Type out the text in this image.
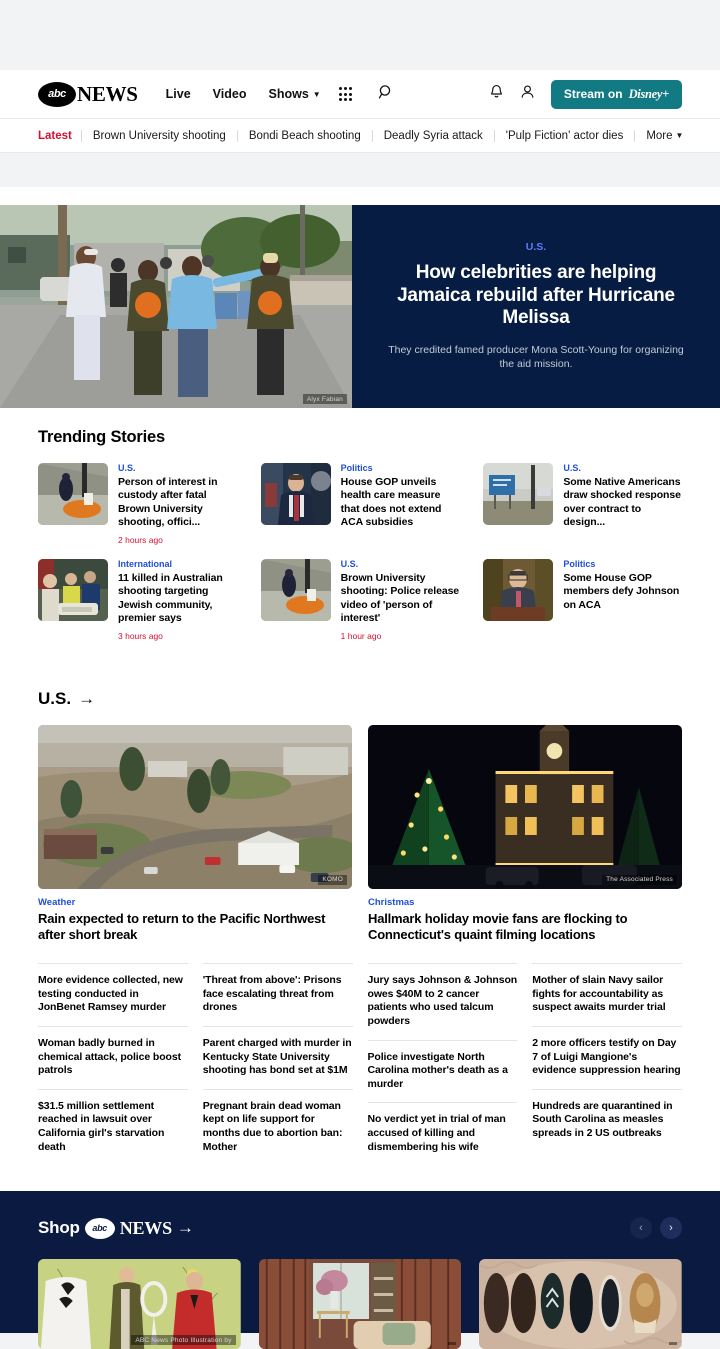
abc NEWS Live Video Shows ▼	Stream on Disney+
Latest	Brown University shooting	Bondi Beach shooting	Deadly Syria attack	'Pulp Fiction' actor dies	More ▼
Alyx Fabian
U.S.
How celebrities are helping Jamaica rebuild after Hurricane Melissa
They credited famed producer Mona Scott-Young for organizing the aid mission.
Trending Stories
U.S.
Person of interest in custody after fatal Brown University shooting, offici...
2 hours ago
Politics
House GOP unveils health care measure that does not extend ACA subsidies
U.S.
Some Native Americans draw shocked response over contract to design...
International
11 killed in Australian shooting targeting Jewish community, premier says
3 hours ago
U.S.
Brown University shooting: Police release video of 'person of interest'
1 hour ago
Politics
Some House GOP members defy Johnson on ACA
U.S. →
KOMO
Weather
Rain expected to return to the Pacific Northwest after short break
The Associated Press
Christmas
Hallmark holiday movie fans are flocking to Connecticut's quaint filming locations
More evidence collected, new testing conducted in JonBenet Ramsey murder
Woman badly burned in chemical attack, police boost patrols
$31.5 million settlement reached in lawsuit over California girl's starvation death
'Threat from above': Prisons face escalating threat from drones
Parent charged with murder in Kentucky State University shooting has bond set at $1M
Pregnant brain dead woman kept on life support for months due to abortion ban: Mother
Jury says Johnson & Johnson owes $40M to 2 cancer patients who used talcum powders
Police investigate North Carolina mother's death as a murder
No verdict yet in trial of man accused of killing and dismembering his wife
Mother of slain Navy sailor fights for accountability as suspect awaits murder trial
2 more officers testify on Day 7 of Luigi Mangione's evidence suppression hearing
Hundreds are quarantined in South Carolina as measles spreads in 2 US outbreaks
Shop abc NEWS →	‹	›
ABC News Photo Illustration by
